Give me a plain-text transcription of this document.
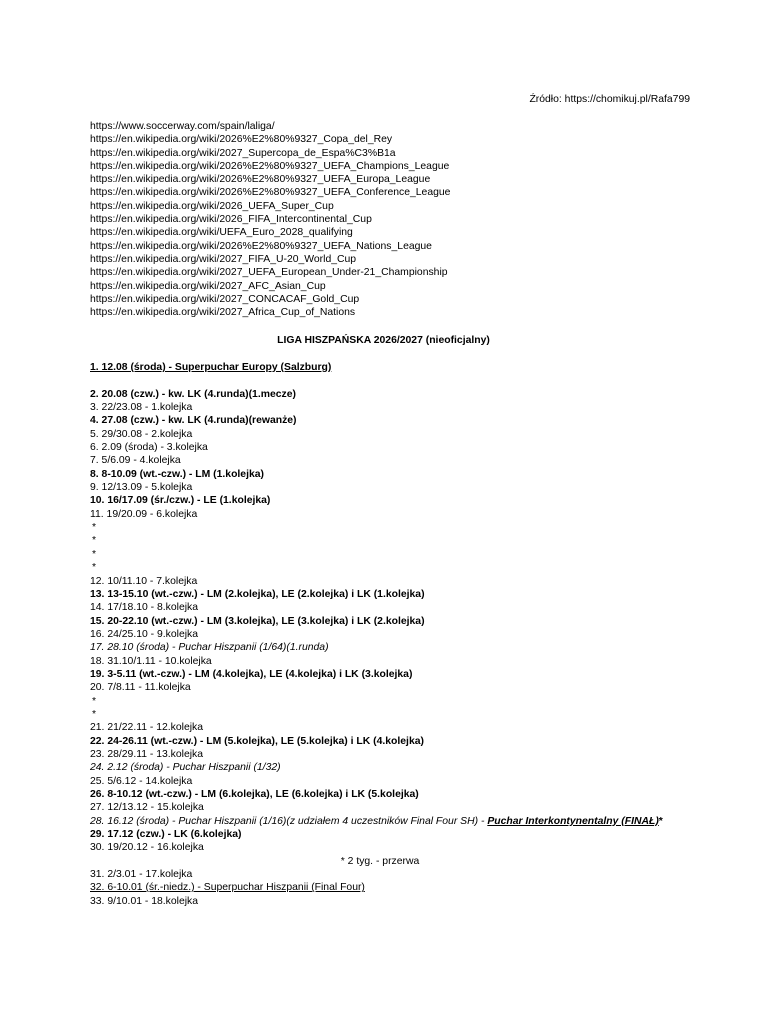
Źródło: https://chomikuj.pl/Rafa799
https://www.soccerway.com/spain/laliga/
https://en.wikipedia.org/wiki/2026%E2%80%9327_Copa_del_Rey
https://en.wikipedia.org/wiki/2027_Supercopa_de_Espa%C3%B1a
https://en.wikipedia.org/wiki/2026%E2%80%9327_UEFA_Champions_League
https://en.wikipedia.org/wiki/2026%E2%80%9327_UEFA_Europa_League
https://en.wikipedia.org/wiki/2026%E2%80%9327_UEFA_Conference_League
https://en.wikipedia.org/wiki/2026_UEFA_Super_Cup
https://en.wikipedia.org/wiki/2026_FIFA_Intercontinental_Cup
https://en.wikipedia.org/wiki/UEFA_Euro_2028_qualifying
https://en.wikipedia.org/wiki/2026%E2%80%9327_UEFA_Nations_League
https://en.wikipedia.org/wiki/2027_FIFA_U-20_World_Cup
https://en.wikipedia.org/wiki/2027_UEFA_European_Under-21_Championship
https://en.wikipedia.org/wiki/2027_AFC_Asian_Cup
https://en.wikipedia.org/wiki/2027_CONCACAF_Gold_Cup
https://en.wikipedia.org/wiki/2027_Africa_Cup_of_Nations
LIGA HISZPAŃSKA 2026/2027 (nieoficjalny)
1. 12.08 (środa) - Superpuchar Europy (Salzburg)
2. 20.08 (czw.) - kw. LK (4.runda)(1.mecze)
3. 22/23.08 - 1.kolejka
4. 27.08 (czw.) - kw. LK (4.runda)(rewanże)
5. 29/30.08 - 2.kolejka
6. 2.09 (środa) - 3.kolejka
7. 5/6.09 - 4.kolejka
8. 8-10.09 (wt.-czw.) - LM (1.kolejka)
9. 12/13.09 - 5.kolejka
10. 16/17.09 (śr./czw.) - LE (1.kolejka)
11. 19/20.09 - 6.kolejka
*
*
*
*
12. 10/11.10 - 7.kolejka
13. 13-15.10 (wt.-czw.) - LM (2.kolejka), LE (2.kolejka) i LK (1.kolejka)
14. 17/18.10 - 8.kolejka
15. 20-22.10 (wt.-czw.) - LM (3.kolejka), LE (3.kolejka) i LK (2.kolejka)
16. 24/25.10 - 9.kolejka
17. 28.10 (środa) - Puchar Hiszpanii (1/64)(1.runda)
18. 31.10/1.11 - 10.kolejka
19. 3-5.11 (wt.-czw.) - LM (4.kolejka), LE (4.kolejka) i LK (3.kolejka)
20. 7/8.11 - 11.kolejka
*
*
21. 21/22.11 - 12.kolejka
22. 24-26.11 (wt.-czw.) - LM (5.kolejka), LE (5.kolejka) i LK (4.kolejka)
23. 28/29.11 - 13.kolejka
24. 2.12 (środa) - Puchar Hiszpanii (1/32)
25. 5/6.12 - 14.kolejka
26. 8-10.12 (wt.-czw.) - LM (6.kolejka), LE (6.kolejka) i LK (5.kolejka)
27. 12/13.12 - 15.kolejka
28. 16.12 (środa) - Puchar Hiszpanii (1/16)(z udziałem 4 uczestników Final Four SH) - Puchar Interkontynentalny (FINAŁ)*
29. 17.12 (czw.) - LK (6.kolejka)
30. 19/20.12 - 16.kolejka
* 2 tyg. - przerwa
31. 2/3.01 - 17.kolejka
32. 6-10.01 (śr.-niedz.) - Superpuchar Hiszpanii (Final Four)
33. 9/10.01 - 18.kolejka
